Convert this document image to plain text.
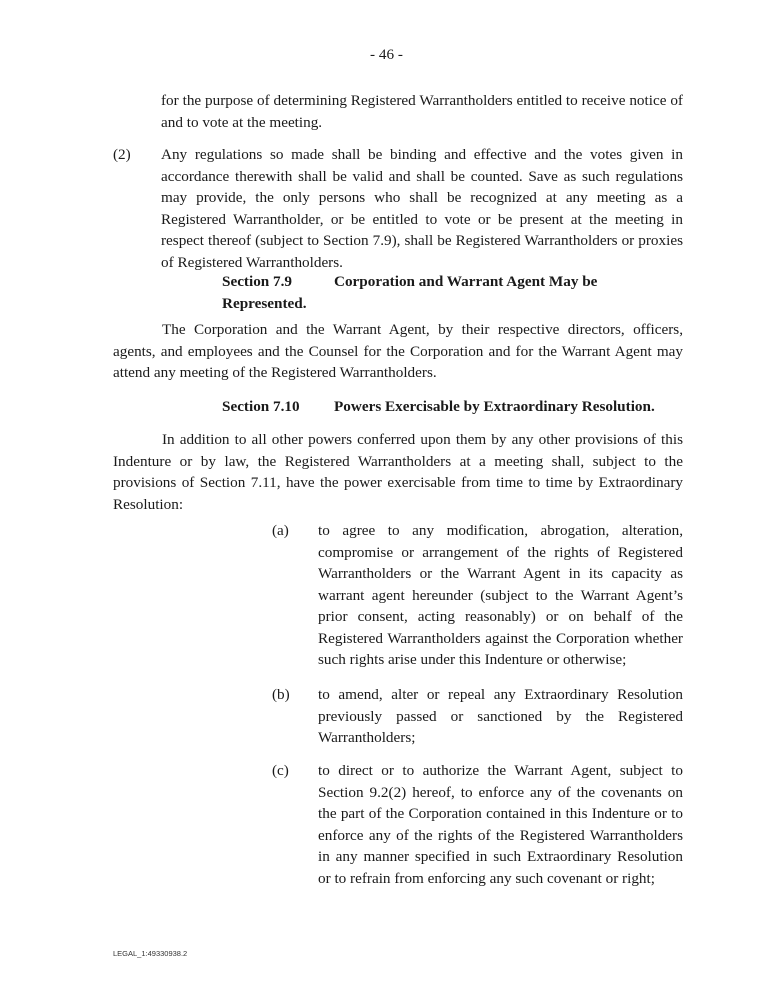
- 46 -
for the purpose of determining Registered Warrantholders entitled to receive notice of and to vote at the meeting.
(2) Any regulations so made shall be binding and effective and the votes given in accordance therewith shall be valid and shall be counted. Save as such regulations may provide, the only persons who shall be recognized at any meeting as a Registered Warrantholder, or be entitled to vote or be present at the meeting in respect thereof (subject to Section 7.9), shall be Registered Warrantholders or proxies of Registered Warrantholders.
Section 7.9	Corporation and Warrant Agent May be
Represented.
The Corporation and the Warrant Agent, by their respective directors, officers, agents, and employees and the Counsel for the Corporation and for the Warrant Agent may attend any meeting of the Registered Warrantholders.
Section 7.10 Powers Exercisable by Extraordinary Resolution.
In addition to all other powers conferred upon them by any other provisions of this Indenture or by law, the Registered Warrantholders at a meeting shall, subject to the provisions of Section 7.11, have the power exercisable from time to time by Extraordinary Resolution:
(a) to agree to any modification, abrogation, alteration, compromise or arrangement of the rights of Registered Warrantholders or the Warrant Agent in its capacity as warrant agent hereunder (subject to the Warrant Agent’s prior consent, acting reasonably) or on behalf of the Registered Warrantholders against the Corporation whether such rights arise under this Indenture or otherwise;
(b) to amend, alter or repeal any Extraordinary Resolution previously passed or sanctioned by the Registered Warrantholders;
(c) to direct or to authorize the Warrant Agent, subject to Section 9.2(2) hereof, to enforce any of the covenants on the part of the Corporation contained in this Indenture or to enforce any of the rights of the Registered Warrantholders in any manner specified in such Extraordinary Resolution or to refrain from enforcing any such covenant or right;
LEGAL_1:49330938.2
